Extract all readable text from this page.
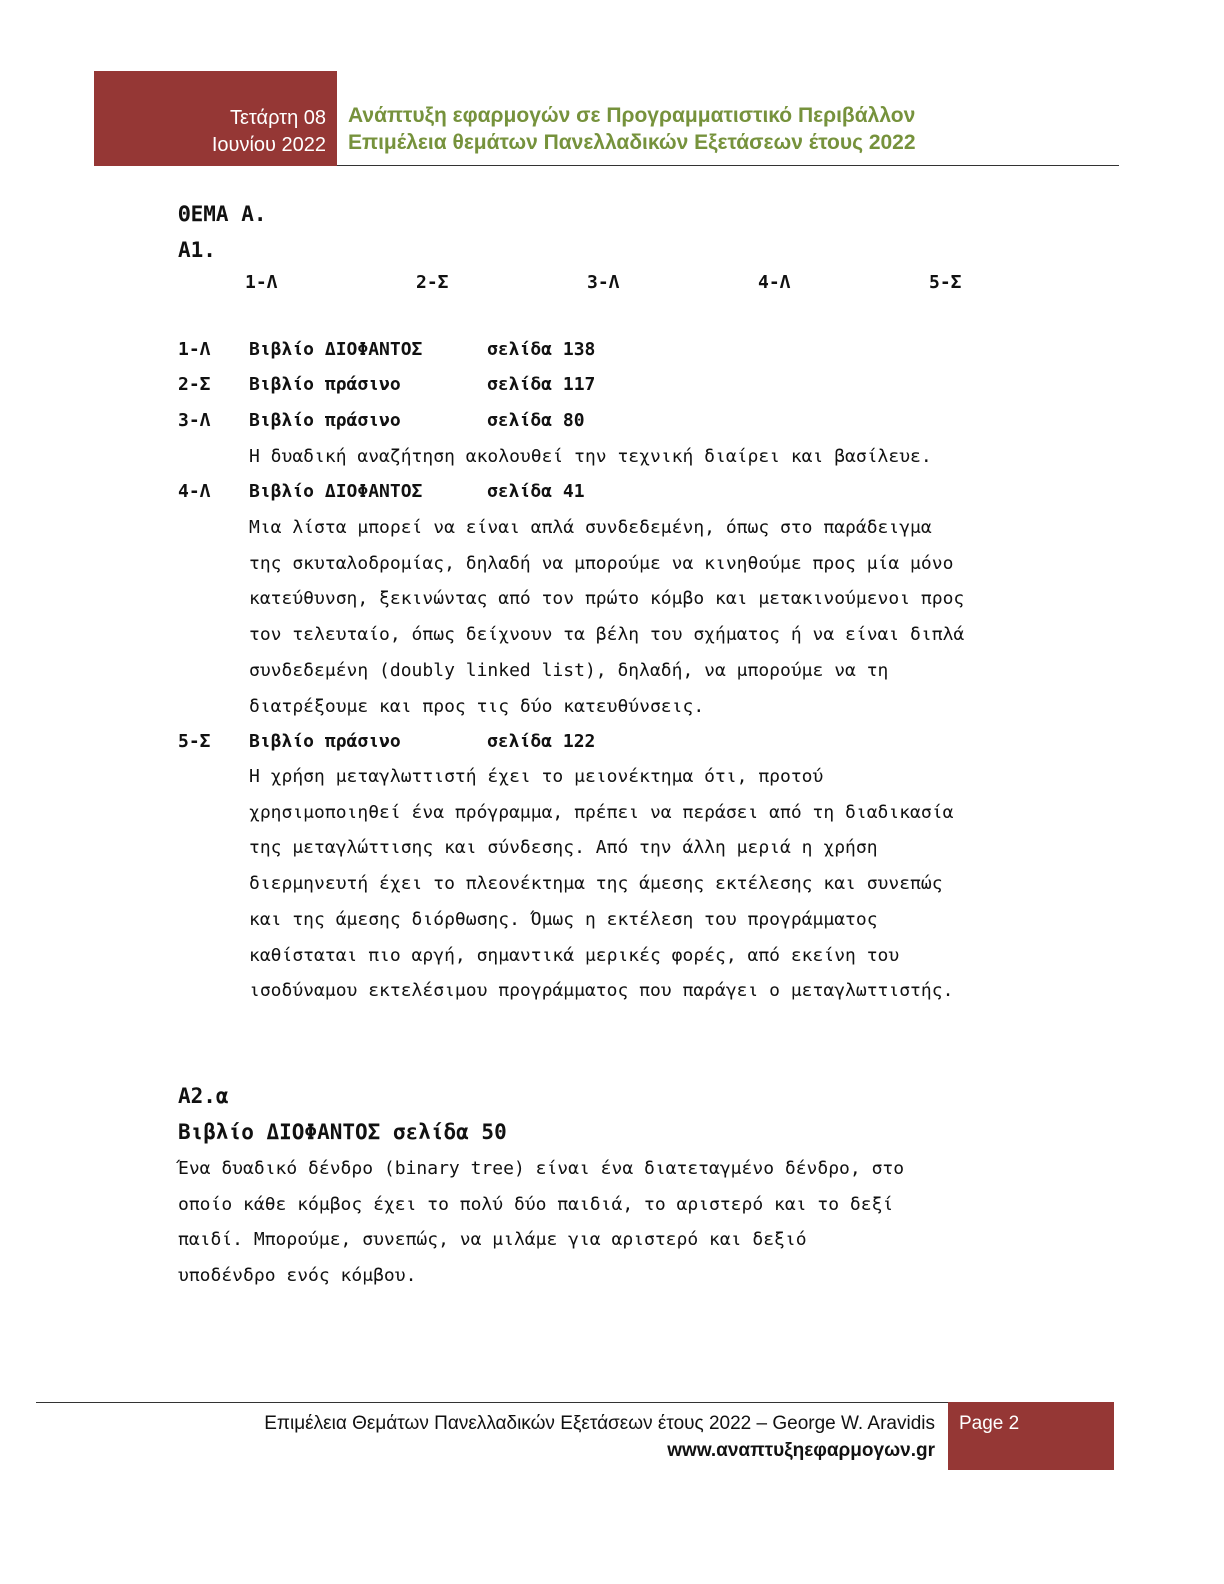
Τετάρτη 08
Ιουνίου 2022
Ανάπτυξη εφαρμογών σε Προγραμματιστικό Περιβάλλον
Επιμέλεια θεμάτων Πανελλαδικών Εξετάσεων έτους 2022
ΘΕΜΑ Α.
Α1.
1-Λ	2-Σ	3-Λ	4-Λ	5-Σ
1-Λ Βιβλίο ΔΙΟΦΑΝΤΟΣ	σελίδα 138
2-Σ Βιβλίο πράσινο	σελίδα 117
3-Λ Βιβλίο πράσινο	σελίδα 80
Η δυαδική αναζήτηση ακολουθεί την τεχνική διαίρει και βασίλευε.
4-Λ Βιβλίο ΔΙΟΦΑΝΤΟΣ	σελίδα 41
Μια λίστα μπορεί να είναι απλά συνδεδεμένη, όπως στο παράδειγμα
της σκυταλοδρομίας, δηλαδή να μπορούμε να κινηθούμε προς μία μόνο
κατεύθυνση, ξεκινώντας από τον πρώτο κόμβο και μετακινούμενοι προς
τον τελευταίο, όπως δείχνουν τα βέλη του σχήματος ή να είναι διπλά
συνδεδεμένη (doubly linked list), δηλαδή, να μπορούμε να τη
διατρέξουμε και προς τις δύο κατευθύνσεις.
5-Σ Βιβλίο πράσινο	σελίδα 122
Η χρήση μεταγλωττιστή έχει το μειονέκτημα ότι, προτού
χρησιμοποιηθεί ένα πρόγραμμα, πρέπει να περάσει από τη διαδικασία
της μεταγλώττισης και σύνδεσης. Από την άλλη μεριά η χρήση
διερμηνευτή έχει το πλεονέκτημα της άμεσης εκτέλεσης και συνεπώς
και της άμεσης διόρθωσης. Όμως η εκτέλεση του προγράμματος
καθίσταται πιο αργή, σημαντικά μερικές φορές, από εκείνη του
ισοδύναμου εκτελέσιμου προγράμματος που παράγει ο μεταγλωττιστής.
Α2.α
Βιβλίο ΔΙΟΦΑΝΤΟΣ σελίδα 50
Ένα δυαδικό δένδρο (binary tree) είναι ένα διατεταγμένο δένδρο, στο
οποίο κάθε κόμβος έχει το πολύ δύο παιδιά, το αριστερό και το δεξί
παιδί. Μπορούμε, συνεπώς, να μιλάμε για αριστερό και δεξιό
υποδένδρο ενός κόμβου.
Επιμέλεια Θεμάτων Πανελλαδικών Εξετάσεων έτους 2022 – George W. Aravidis
www.αναπτυξηεφαρμογων.gr
Page 2
